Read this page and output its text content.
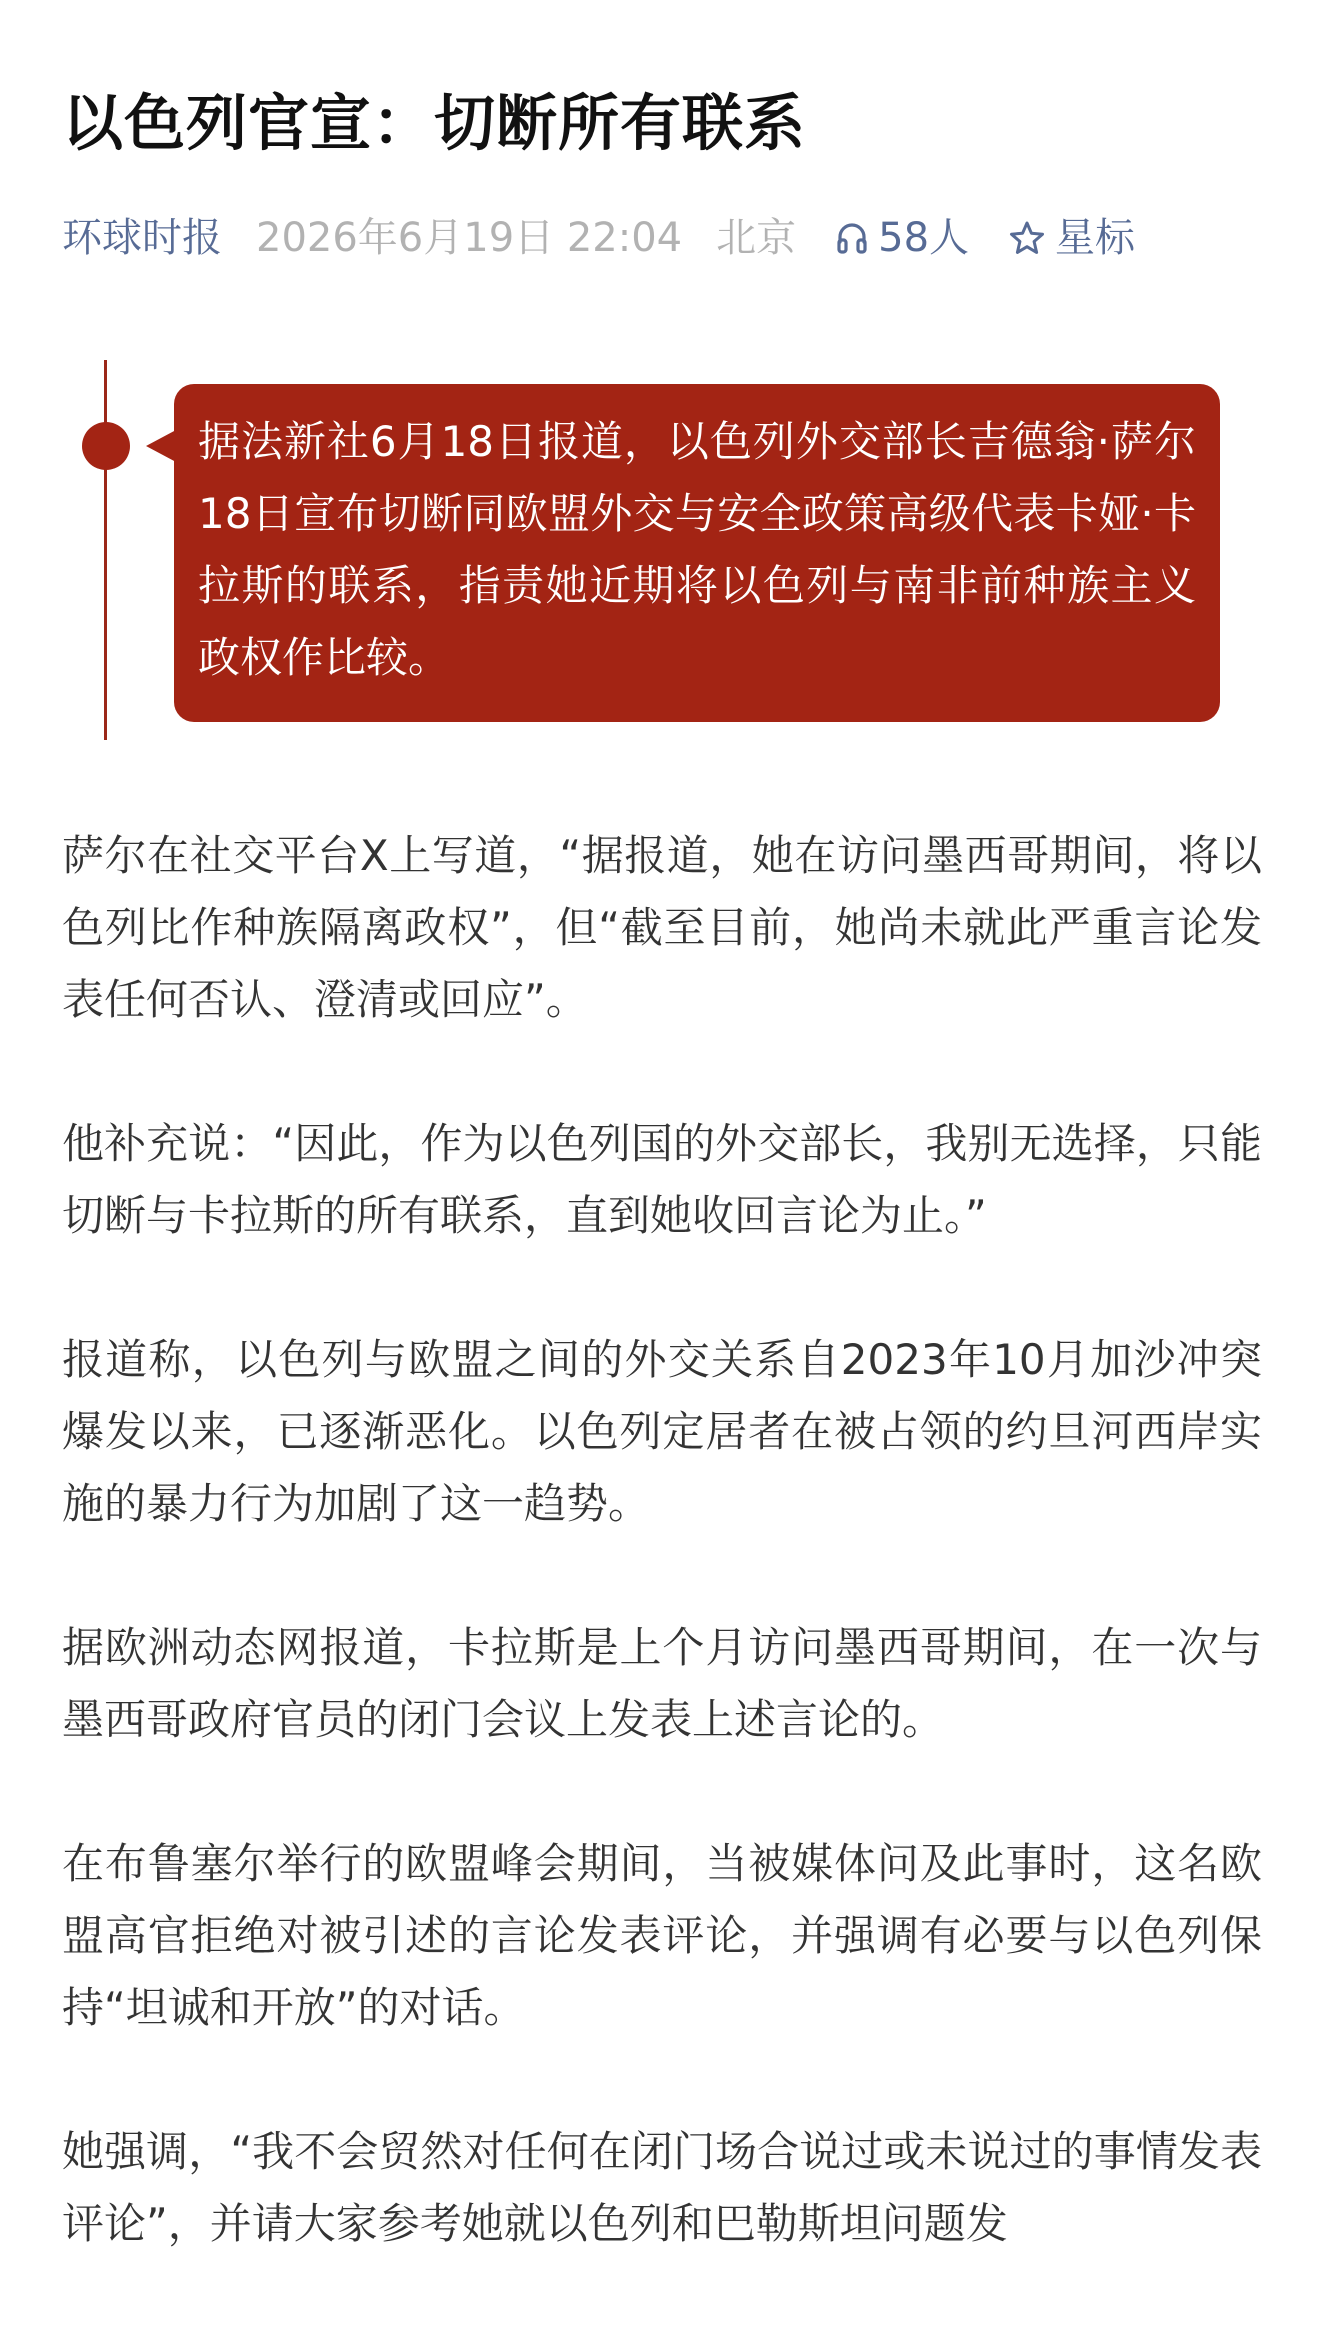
以色列官宣：切断所有联系
环球时报 2026年6月19日 22:04 北京 58人 星标
据法新社6月18日报道，以色列外交部长吉德翁·萨尔18日宣布切断同欧盟外交与安全政策高级代表卡娅·卡拉斯的联系，指责她近期将以色列与南非前种族主义政权作比较。

萨尔在社交平台X上写道，“据报道，她在访问墨西哥期间，将以色列比作种族隔离政权”，但“截至目前，她尚未就此严重言论发表任何否认、澄清或回应”。

他补充说：“因此，作为以色列国的外交部长，我别无选择，只能切断与卡拉斯的所有联系，直到她收回言论为止。”

报道称，以色列与欧盟之间的外交关系自2023年10月加沙冲突爆发以来，已逐渐恶化。以色列定居者在被占领的约旦河西岸实施的暴力行为加剧了这一趋势。

据欧洲动态网报道，卡拉斯是上个月访问墨西哥期间，在一次与墨西哥政府官员的闭门会议上发表上述言论的。

在布鲁塞尔举行的欧盟峰会期间，当被媒体问及此事时，这名欧盟高官拒绝对被引述的言论发表评论，并强调有必要与以色列保持“坦诚和开放”的对话。

她强调，“我不会贸然对任何在闭门场合说过或未说过的事情发表评论”，并请大家参考她就以色列和巴勒斯坦问题发
